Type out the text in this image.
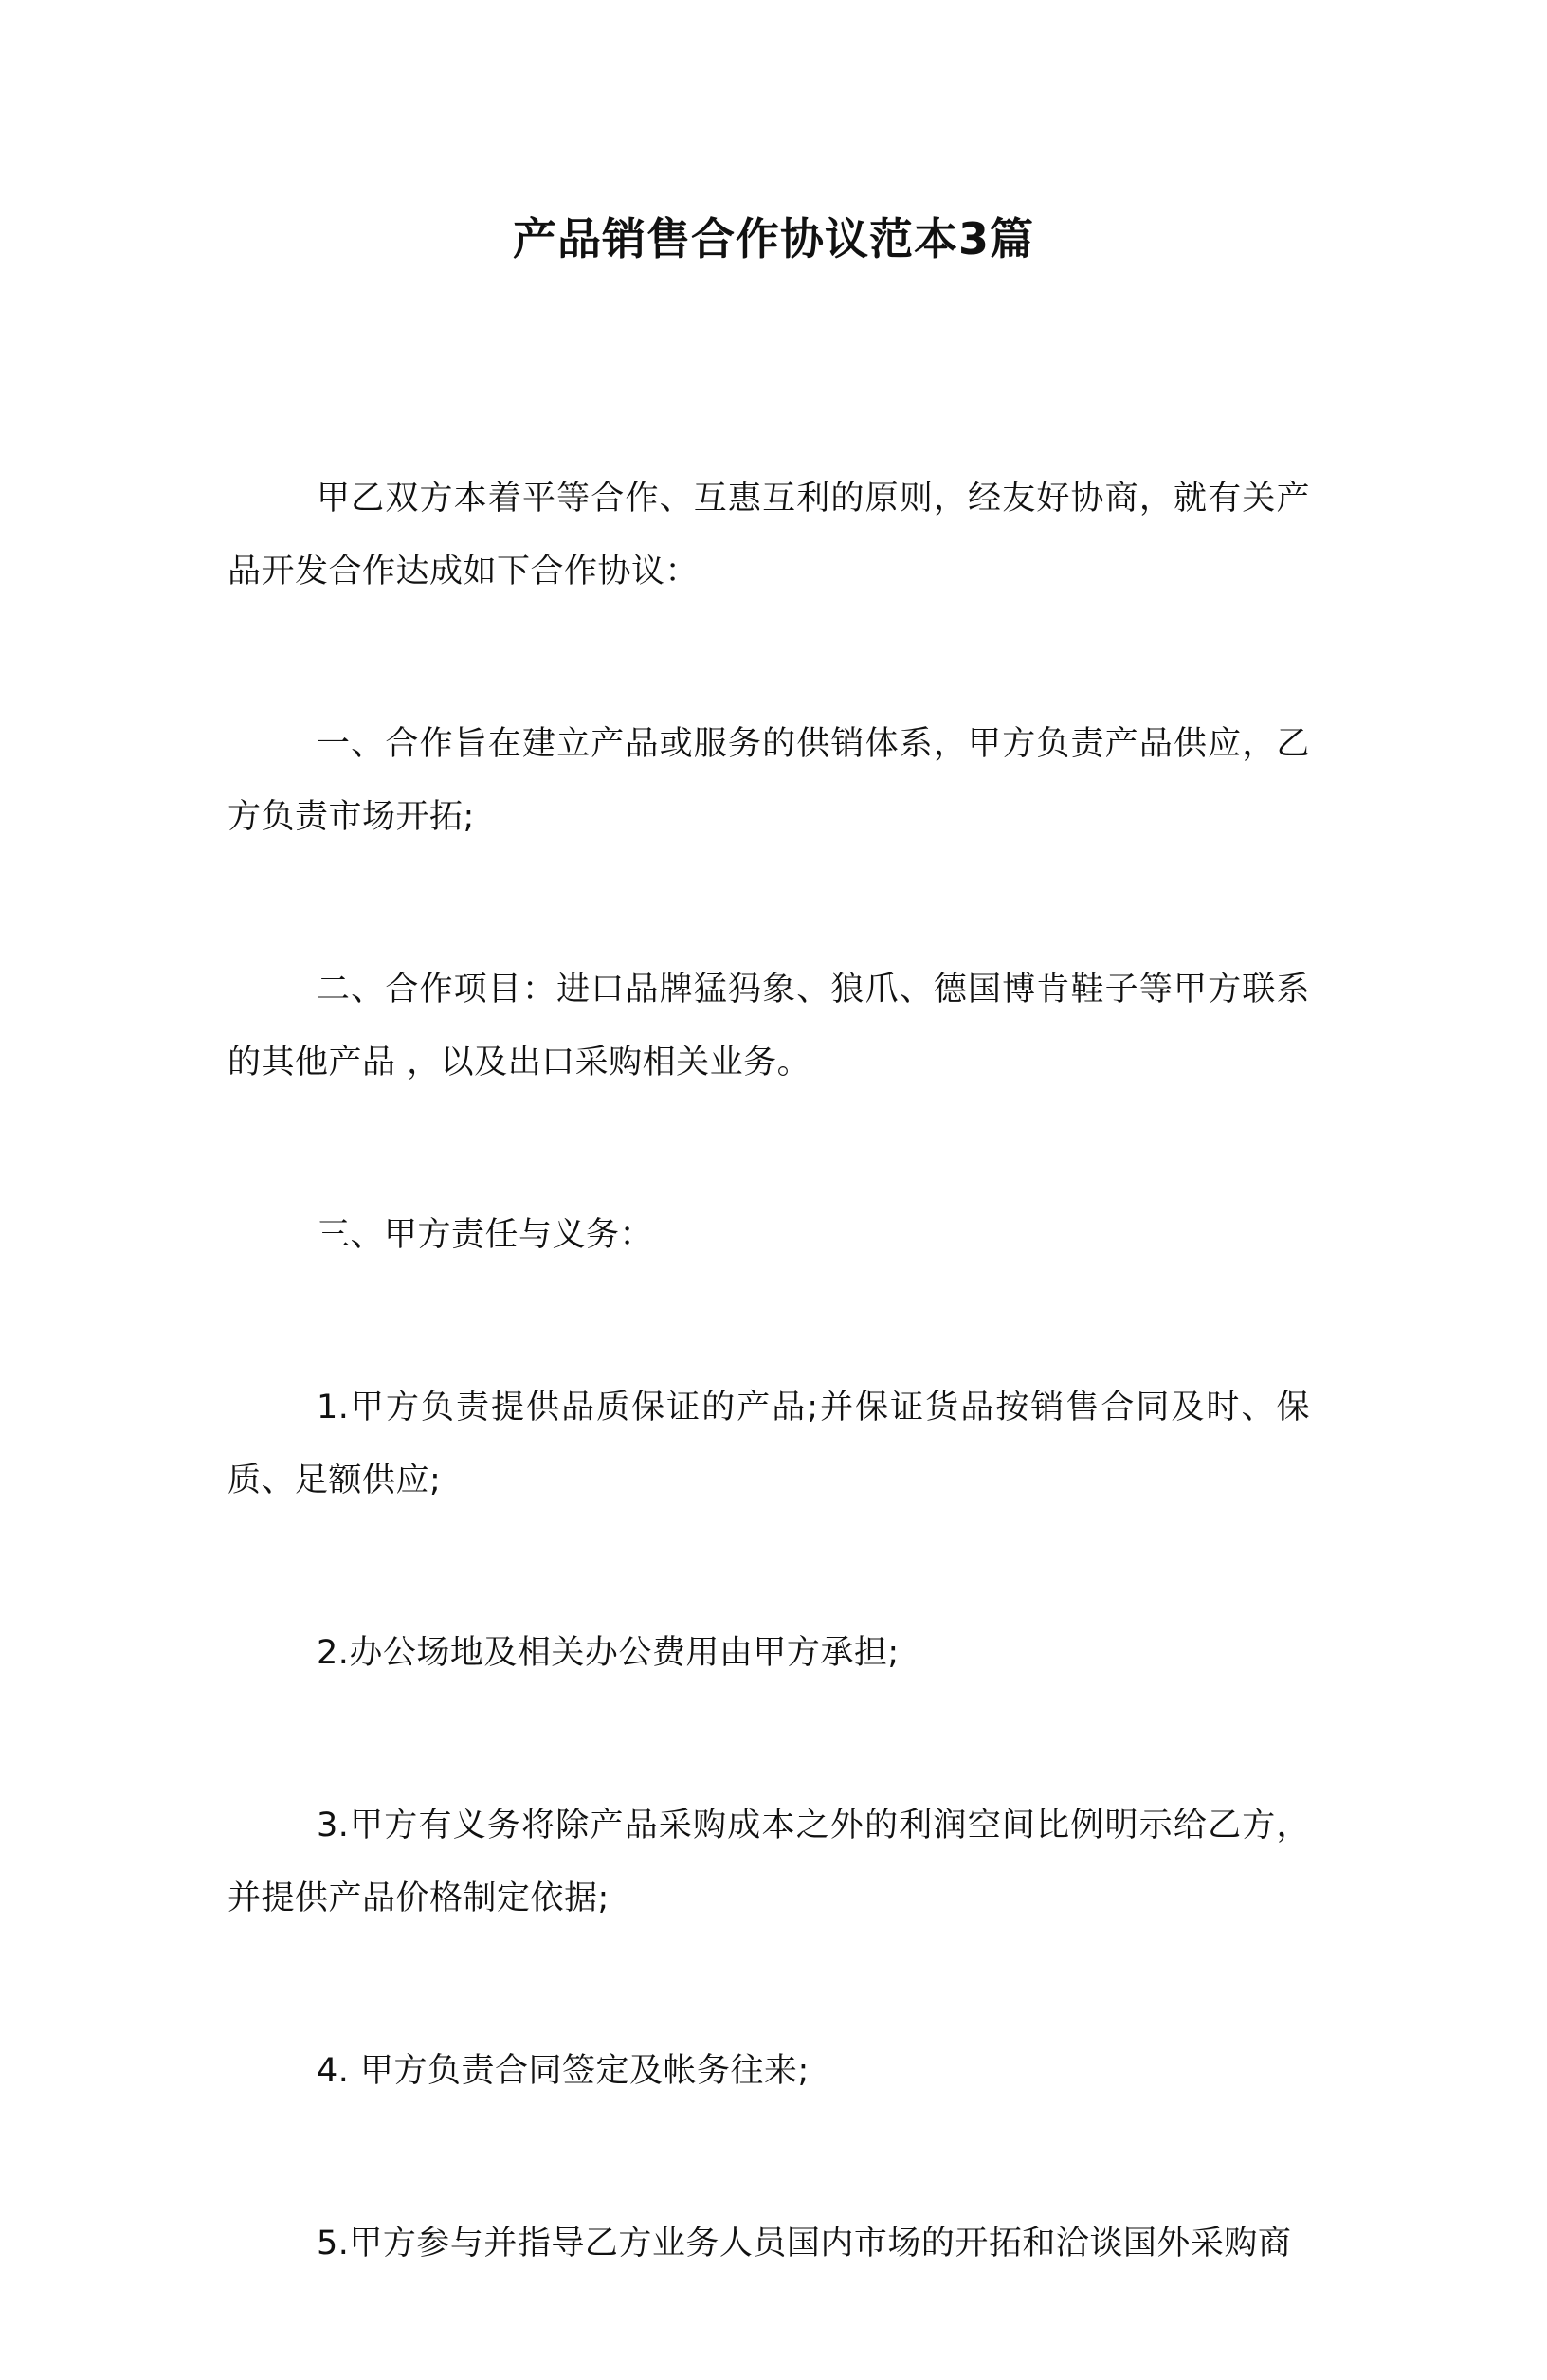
产品销售合作协议范本3篇

甲乙双方本着平等合作、互惠互利的原则，经友好协商，就有关产品开发合作达成如下合作协议：

一、合作旨在建立产品或服务的供销体系，甲方负责产品供应，乙方负责市场开拓;

二、合作项目：进口品牌猛犸象、狼爪、德国博肯鞋子等甲方联系的其他产品 ，以及出口采购相关业务。

三、甲方责任与义务：

1.甲方负责提供品质保证的产品;并保证货品按销售合同及时、保质、足额供应;

2.办公场地及相关办公费用由甲方承担;

3.甲方有义务将除产品采购成本之外的利润空间比例明示给乙方，并提供产品价格制定依据;

4. 甲方负责合同签定及帐务往来;

5.甲方参与并指导乙方业务人员国内市场的开拓和洽谈国外采购商
